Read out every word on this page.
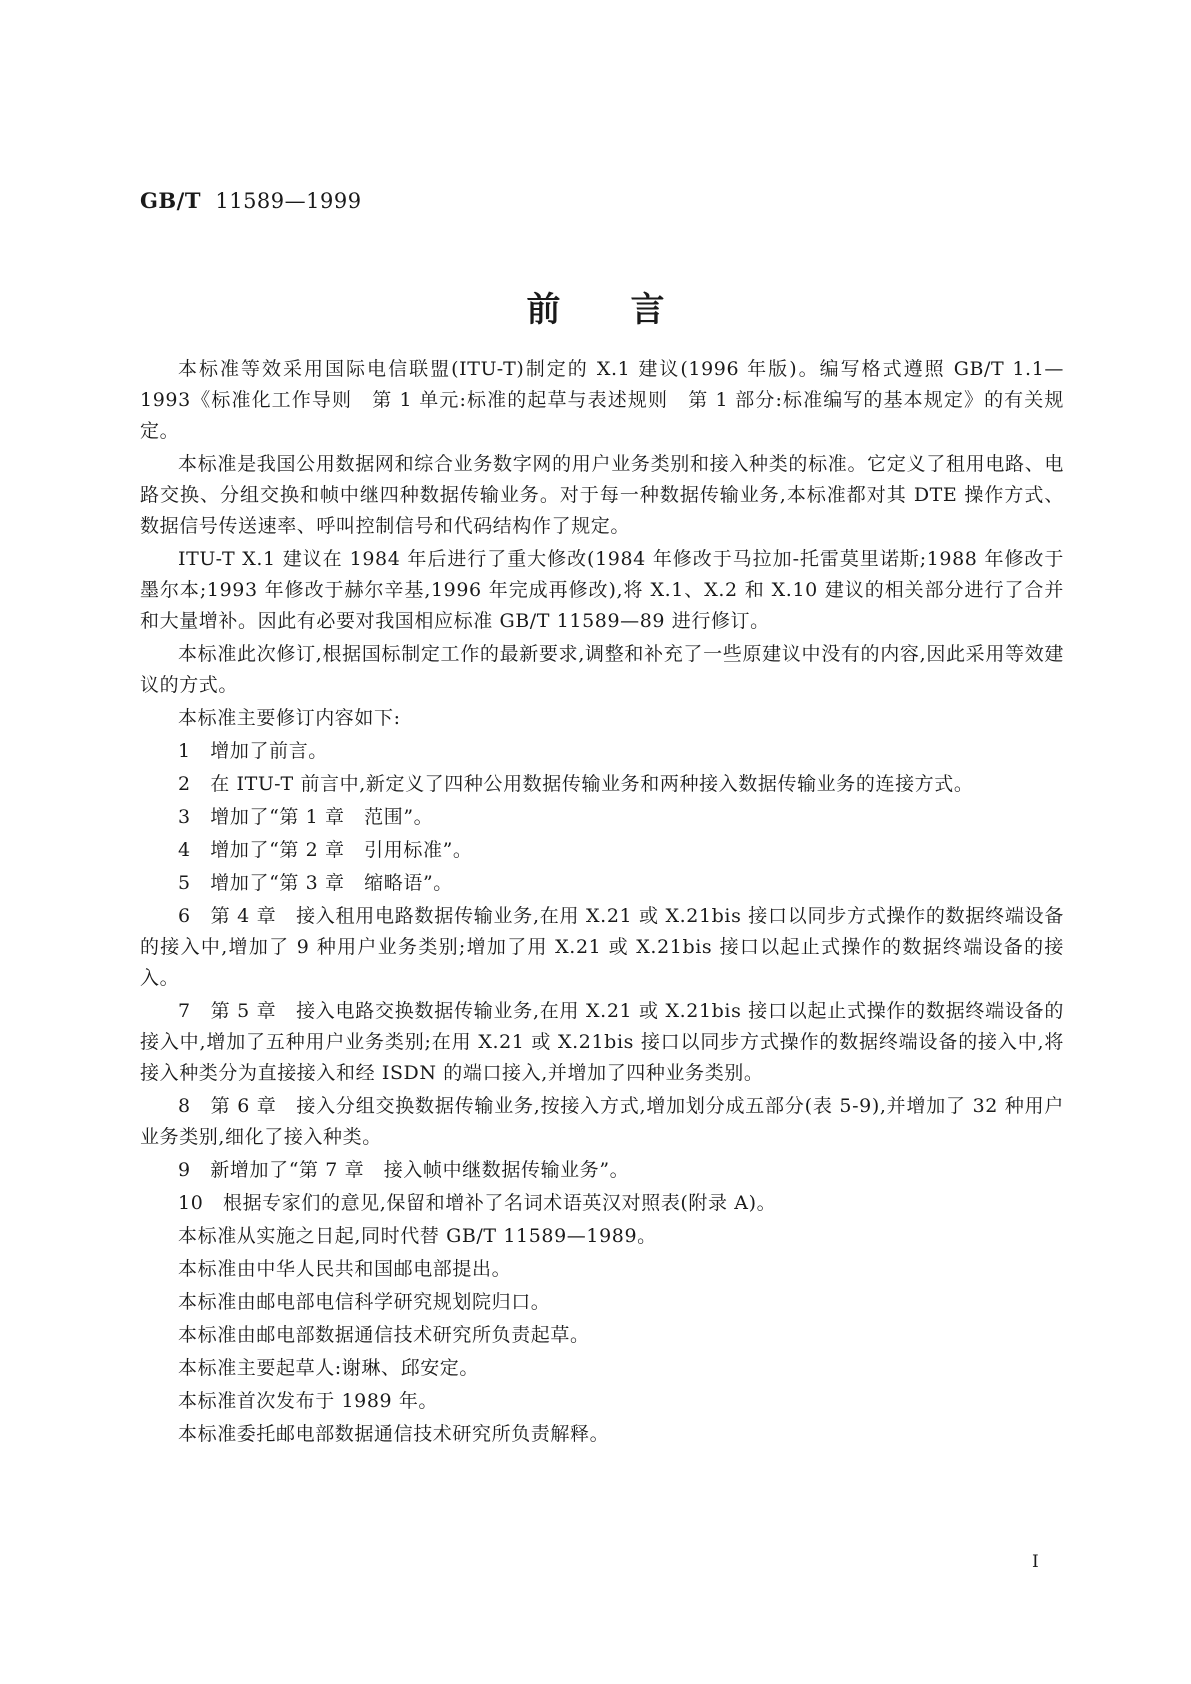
GB/T 11589—1999
前言

本标准等效采用国际电信联盟(ITU-T)制定的 X.1 建议(1996 年版)。编写格式遵照 GB/T 1.1—1993《标准化工作导则　第 1 单元:标准的起草与表述规则　第 1 部分:标准编写的基本规定》的有关规定。

本标准是我国公用数据网和综合业务数字网的用户业务类别和接入种类的标准。它定义了租用电路、电路交换、分组交换和帧中继四种数据传输业务。对于每一种数据传输业务,本标准都对其 DTE 操作方式、数据信号传送速率、呼叫控制信号和代码结构作了规定。

ITU-T X.1 建议在 1984 年后进行了重大修改(1984 年修改于马拉加-托雷莫里诺斯;1988 年修改于墨尔本;1993 年修改于赫尔辛基,1996 年完成再修改),将 X.1、X.2 和 X.10 建议的相关部分进行了合并和大量增补。因此有必要对我国相应标准 GB/T 11589—89 进行修订。

本标准此次修订,根据国标制定工作的最新要求,调整和补充了一些原建议中没有的内容,因此采用等效建议的方式。

本标准主要修订内容如下:

1　增加了前言。

2　在 ITU-T 前言中,新定义了四种公用数据传输业务和两种接入数据传输业务的连接方式。

3　增加了“第 1 章　范围”。

4　增加了“第 2 章　引用标准”。

5　增加了“第 3 章　缩略语”。

6　第 4 章　接入租用电路数据传输业务,在用 X.21 或 X.21bis 接口以同步方式操作的数据终端设备的接入中,增加了 9 种用户业务类别;增加了用 X.21 或 X.21bis 接口以起止式操作的数据终端设备的接入。

7　第 5 章　接入电路交换数据传输业务,在用 X.21 或 X.21bis 接口以起止式操作的数据终端设备的接入中,增加了五种用户业务类别;在用 X.21 或 X.21bis 接口以同步方式操作的数据终端设备的接入中,将接入种类分为直接接入和经 ISDN 的端口接入,并增加了四种业务类别。

8　第 6 章　接入分组交换数据传输业务,按接入方式,增加划分成五部分(表 5-9),并增加了 32 种用户业务类别,细化了接入种类。

9　新增加了“第 7 章　接入帧中继数据传输业务”。

10　根据专家们的意见,保留和增补了名词术语英汉对照表(附录 A)。

本标准从实施之日起,同时代替 GB/T 11589—1989。

本标准由中华人民共和国邮电部提出。

本标准由邮电部电信科学研究规划院归口。

本标准由邮电部数据通信技术研究所负责起草。

本标准主要起草人:谢琳、邱安定。

本标准首次发布于 1989 年。

本标准委托邮电部数据通信技术研究所负责解释。

I
